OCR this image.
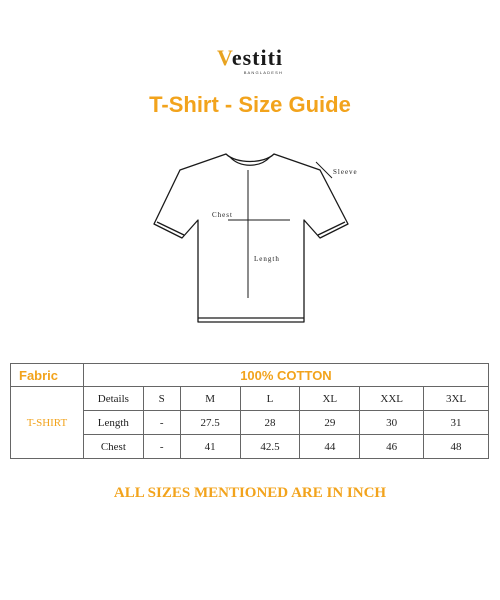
Vestiti
BANGLADESH
T-Shirt - Size Guide
Chest
Length
Sleeve
Fabric	100% COTTON						
T-SHIRT	Details	S	M	L	XL	XXL	3XL
	Length	-	27.5	28	29	30	31
	Chest	-	41	42.5	44	46	48
ALL SIZES MENTIONED ARE IN INCH
